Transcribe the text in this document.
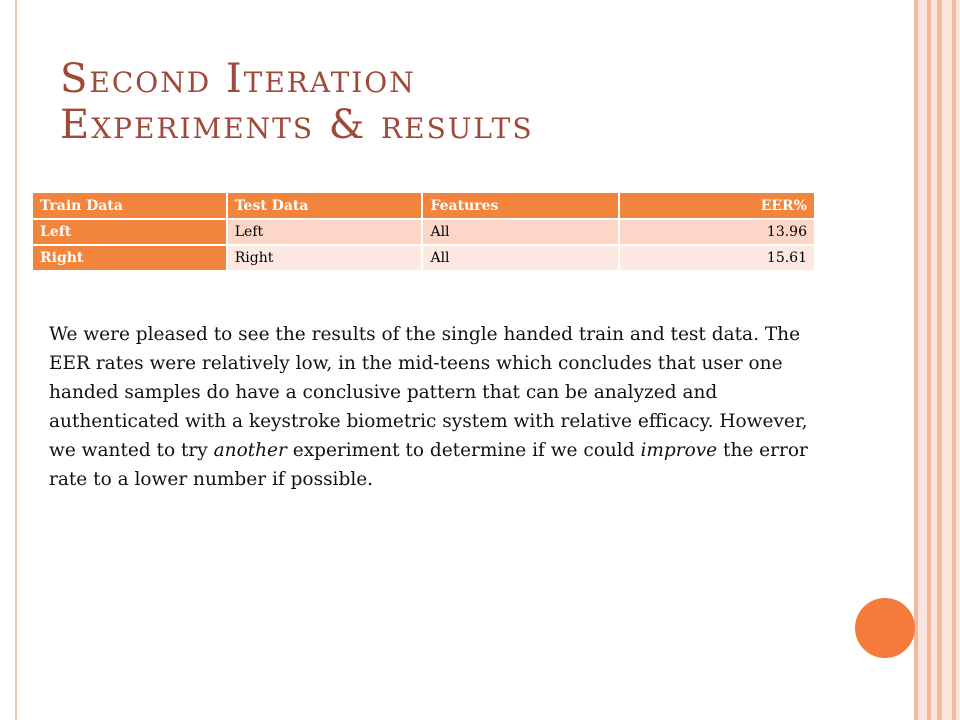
Second Iteration
Experiments & results
Train Data	Test Data	Features	EER%
Left	Left	All	13.96
Right	Right	All	15.61
We were pleased to see the results of the single handed train and test data. The EER rates were relatively low, in the mid-teens which concludes that user one handed samples do have a conclusive pattern that can be analyzed and authenticated with a keystroke biometric system with relative efficacy. However, we wanted to try another experiment to determine if we could improve the error rate to a lower number if possible.
